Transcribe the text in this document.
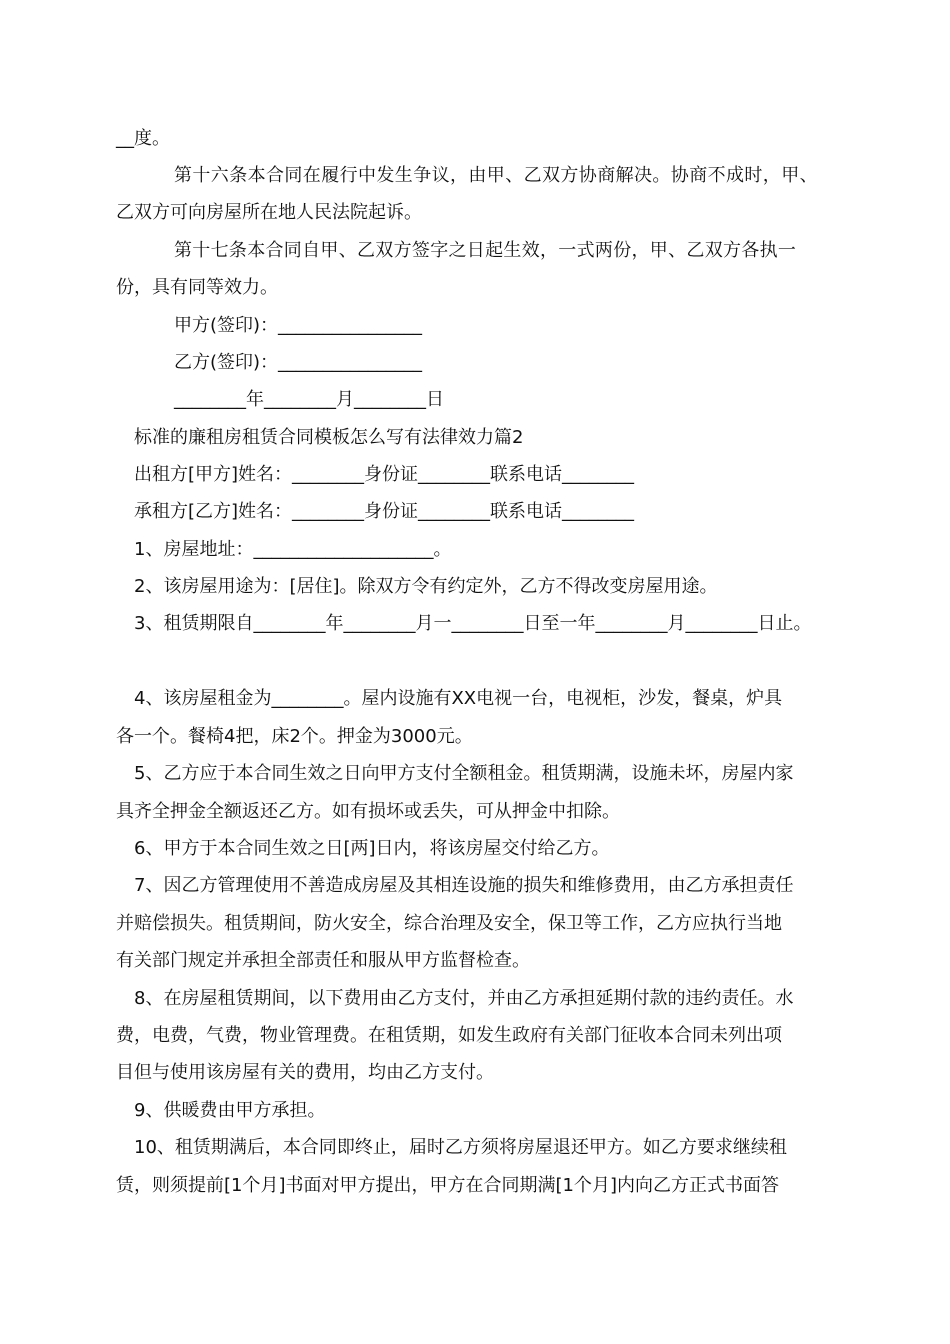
__度。
第十六条本合同在履行中发生争议，由甲、乙双方协商解决。协商不成时，甲、
乙双方可向房屋所在地人民法院起诉。
第十七条本合同自甲、乙双方签字之日起生效，一式两份，甲、乙双方各执一
份，具有同等效力。
甲方(签印)：________________
乙方(签印)：________________
________年________月________日
标准的廉租房租赁合同模板怎么写有法律效力篇2
出租方[甲方]姓名：________身份证________联系电话________
承租方[乙方]姓名：________身份证________联系电话________
1、房屋地址：____________________。
2、该房屋用途为：[居住]。除双方令有约定外，乙方不得改变房屋用途。
3、租赁期限自________年________月一________日至一年________月________日止。
4、该房屋租金为________。屋内设施有XX电视一台，电视柜，沙发，餐桌，炉具
各一个。餐椅4把，床2个。押金为3000元。
5、乙方应于本合同生效之日向甲方支付全额租金。租赁期满，设施未坏，房屋内家
具齐全押金全额返还乙方。如有损坏或丢失，可从押金中扣除。
6、甲方于本合同生效之日[两]日内，将该房屋交付给乙方。
7、因乙方管理使用不善造成房屋及其相连设施的损失和维修费用，由乙方承担责任
并赔偿损失。租赁期间，防火安全，综合治理及安全，保卫等工作，乙方应执行当地
有关部门规定并承担全部责任和服从甲方监督检查。
8、在房屋租赁期间，以下费用由乙方支付，并由乙方承担延期付款的违约责任。水
费，电费，气费，物业管理费。在租赁期，如发生政府有关部门征收本合同未列出项
目但与使用该房屋有关的费用，均由乙方支付。
9、供暖费由甲方承担。
10、租赁期满后，本合同即终止，届时乙方须将房屋退还甲方。如乙方要求继续租
赁，则须提前[1个月]书面对甲方提出，甲方在合同期满[1个月]内向乙方正式书面答
